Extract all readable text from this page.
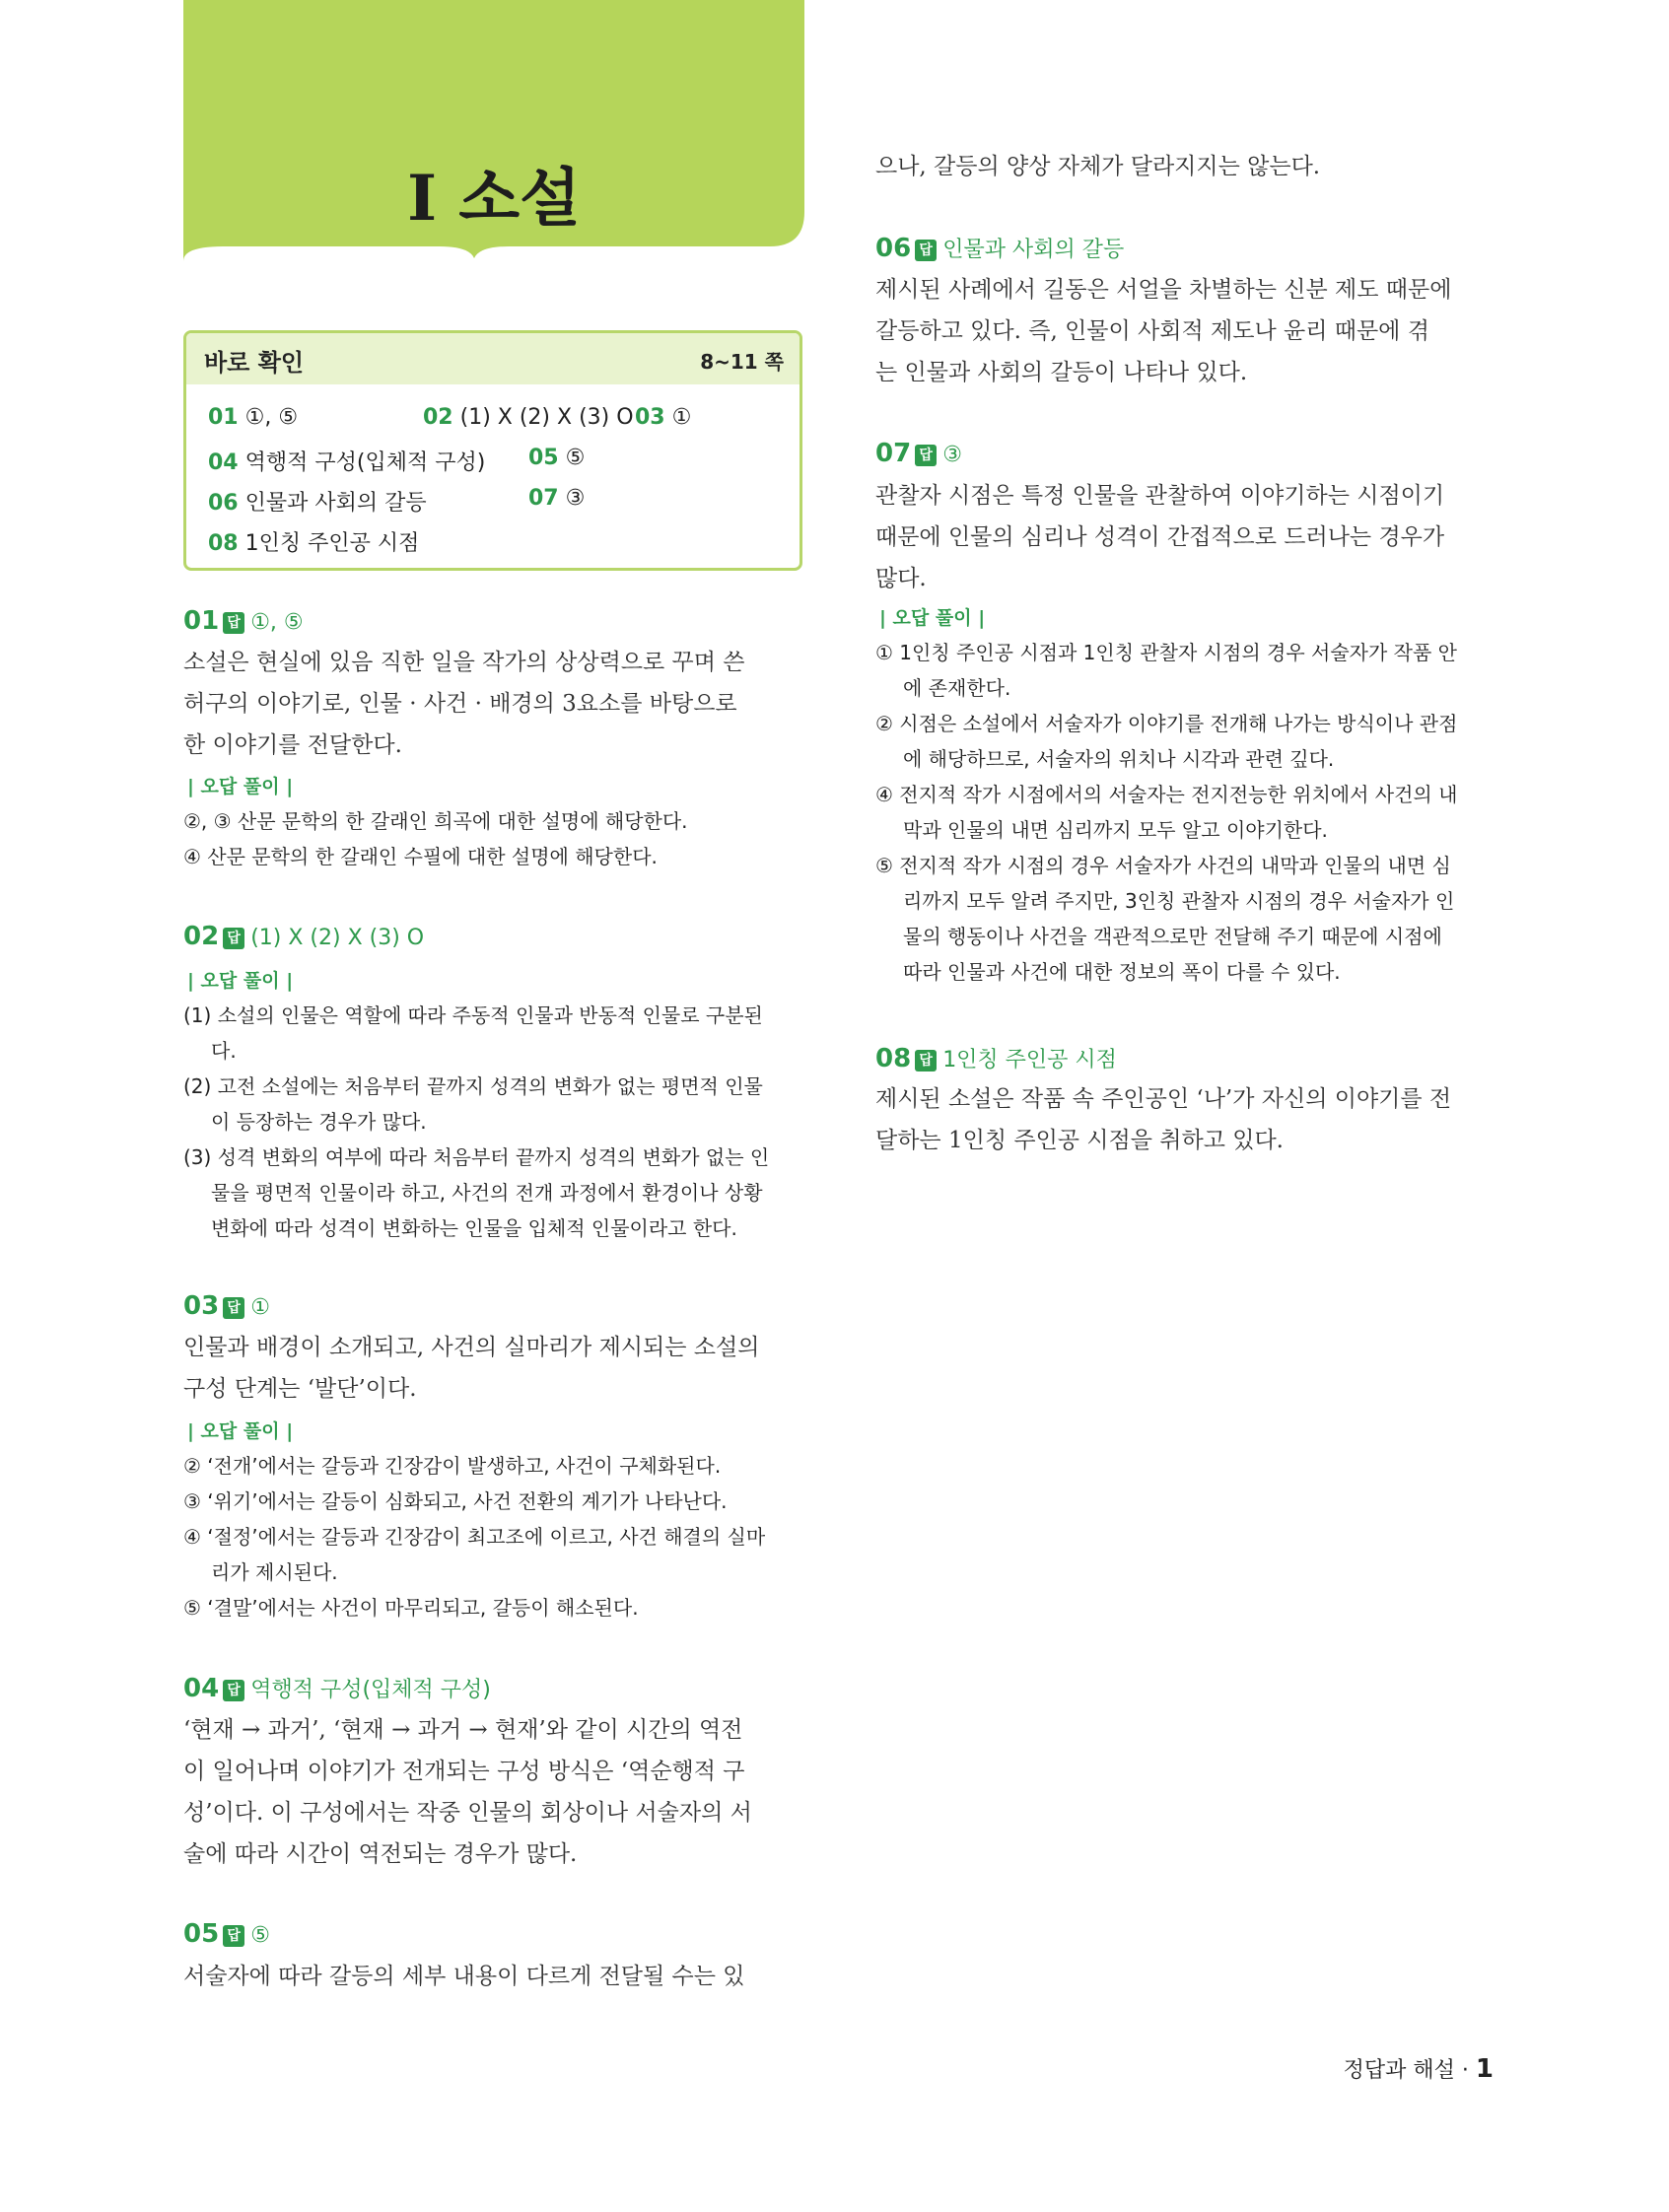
I 소설
바로 확인	8~11 쪽
01 ①, ⑤	02 (1) X (2) X (3) O 03 ①
04 역행적 구성(입체적 구성) 05 ⑤
06 인물과 사회의 갈등	07 ③
08 1인칭 주인공 시점
01 답 ①, ⑤
소설은 현실에 있음 직한 일을 작가의 상상력으로 꾸며 쓴
허구의 이야기로, 인물 · 사건 · 배경의 3요소를 바탕으로
한 이야기를 전달한다.
| 오답 풀이 |
②, ③ 산문 문학의 한 갈래인 희곡에 대한 설명에 해당한다.
④ 산문 문학의 한 갈래인 수필에 대한 설명에 해당한다.
02 답 (1) X (2) X (3) O
| 오답 풀이 |
(1) 소설의 인물은 역할에 따라 주동적 인물과 반동적 인물로 구분된
다.
(2) 고전 소설에는 처음부터 끝까지 성격의 변화가 없는 평면적 인물
이 등장하는 경우가 많다.
(3) 성격 변화의 여부에 따라 처음부터 끝까지 성격의 변화가 없는 인
물을 평면적 인물이라 하고, 사건의 전개 과정에서 환경이나 상황
변화에 따라 성격이 변화하는 인물을 입체적 인물이라고 한다.
03 답 ①
인물과 배경이 소개되고, 사건의 실마리가 제시되는 소설의
구성 단계는 ‘발단’이다.
| 오답 풀이 |
② ‘전개’에서는 갈등과 긴장감이 발생하고, 사건이 구체화된다.
③ ‘위기’에서는 갈등이 심화되고, 사건 전환의 계기가 나타난다.
④ ‘절정’에서는 갈등과 긴장감이 최고조에 이르고, 사건 해결의 실마
리가 제시된다.
⑤ ‘결말’에서는 사건이 마무리되고, 갈등이 해소된다.
04 답 역행적 구성(입체적 구성)
‘현재 → 과거’, ‘현재 → 과거 → 현재’와 같이 시간의 역전
이 일어나며 이야기가 전개되는 구성 방식은 ‘역순행적 구
성’이다. 이 구성에서는 작중 인물의 회상이나 서술자의 서
술에 따라 시간이 역전되는 경우가 많다.
05 답 ⑤
서술자에 따라 갈등의 세부 내용이 다르게 전달될 수는 있
으나, 갈등의 양상 자체가 달라지지는 않는다.
06 답 인물과 사회의 갈등
제시된 사례에서 길동은 서얼을 차별하는 신분 제도 때문에
갈등하고 있다. 즉, 인물이 사회적 제도나 윤리 때문에 겪
는 인물과 사회의 갈등이 나타나 있다.
07 답 ③
관찰자 시점은 특정 인물을 관찰하여 이야기하는 시점이기
때문에 인물의 심리나 성격이 간접적으로 드러나는 경우가
많다.
| 오답 풀이 |
① 1인칭 주인공 시점과 1인칭 관찰자 시점의 경우 서술자가 작품 안
에 존재한다.
② 시점은 소설에서 서술자가 이야기를 전개해 나가는 방식이나 관점
에 해당하므로, 서술자의 위치나 시각과 관련 깊다.
④ 전지적 작가 시점에서의 서술자는 전지전능한 위치에서 사건의 내
막과 인물의 내면 심리까지 모두 알고 이야기한다.
⑤ 전지적 작가 시점의 경우 서술자가 사건의 내막과 인물의 내면 심
리까지 모두 알려 주지만, 3인칭 관찰자 시점의 경우 서술자가 인
물의 행동이나 사건을 객관적으로만 전달해 주기 때문에 시점에
따라 인물과 사건에 대한 정보의 폭이 다를 수 있다.
08 답 1인칭 주인공 시점
제시된 소설은 작품 속 주인공인 ‘나’가 자신의 이야기를 전
달하는 1인칭 주인공 시점을 취하고 있다.
정답과 해설 · 1
